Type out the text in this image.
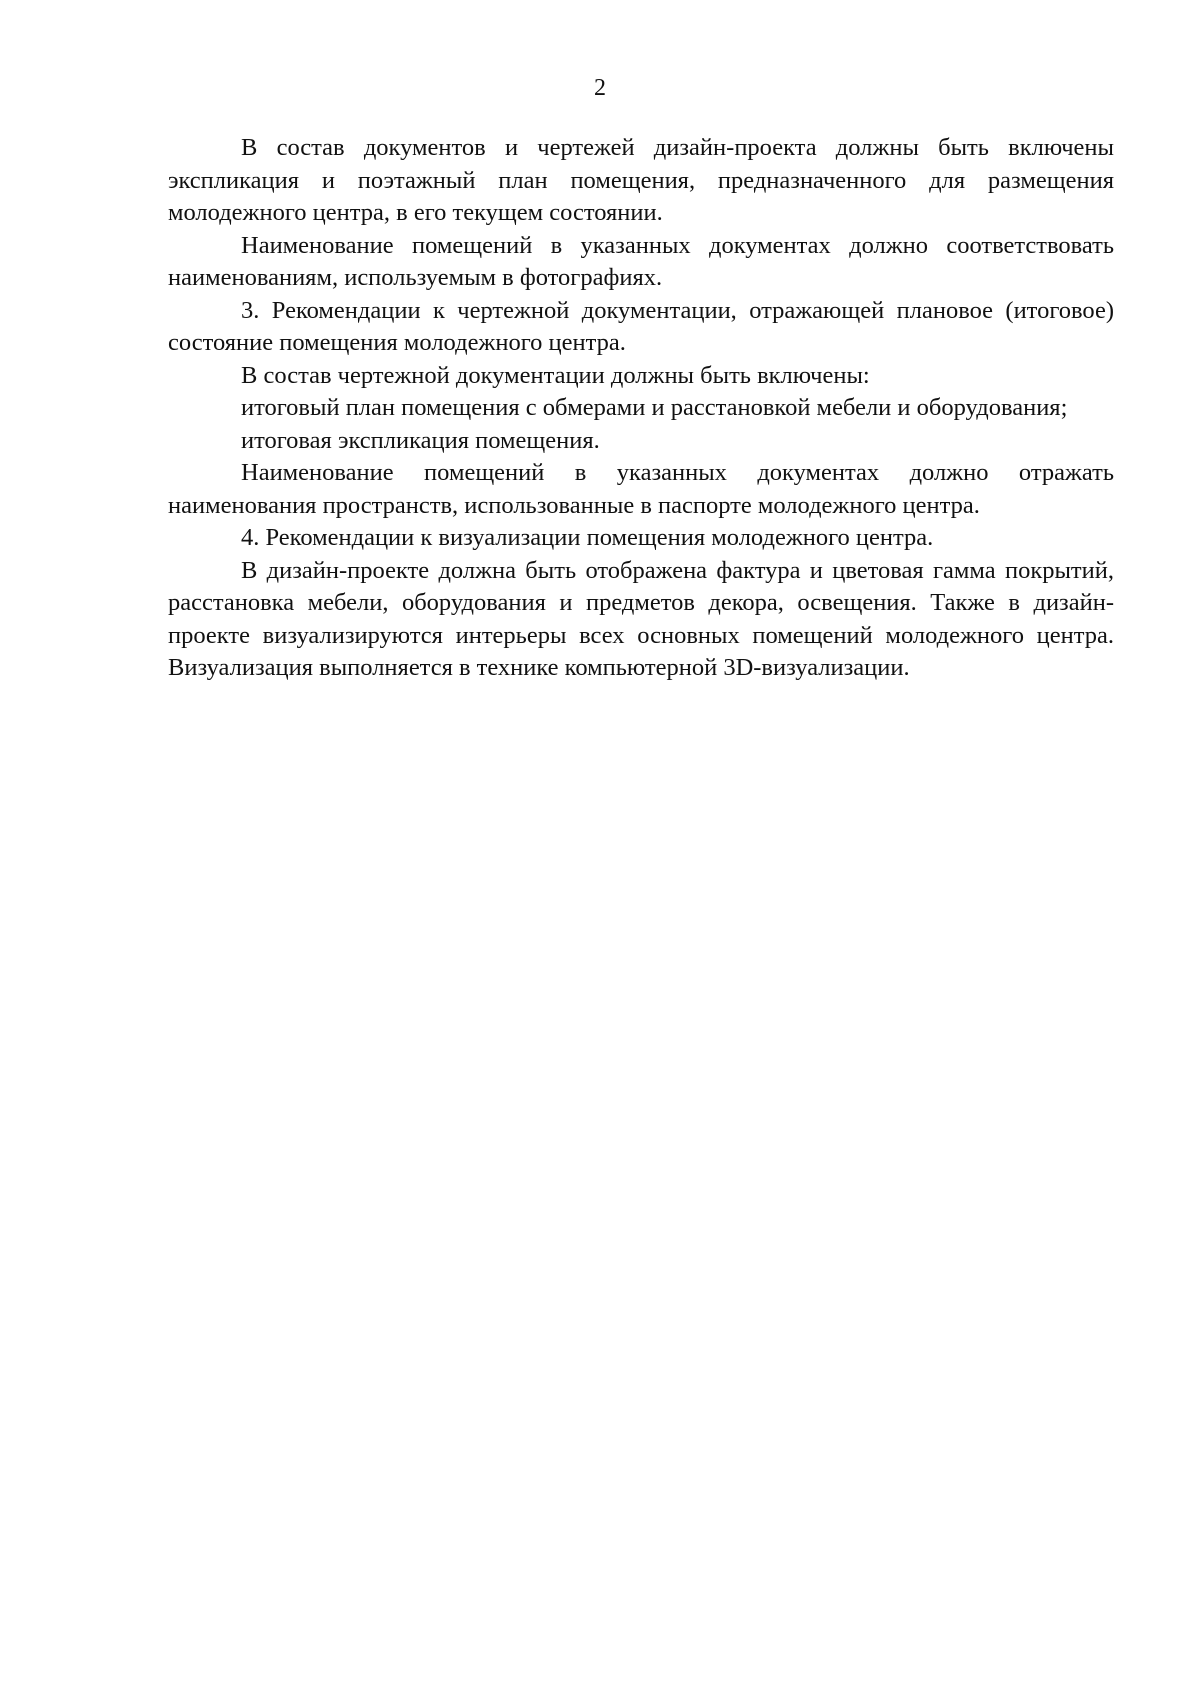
2

В состав документов и чертежей дизайн-проекта должны быть включены экспликация и поэтажный план помещения, предназначенного для размещения молодежного центра, в его текущем состоянии.

Наименование помещений в указанных документах должно соответствовать наименованиям, используемым в фотографиях.

3. Рекомендации к чертежной документации, отражающей плановое (итоговое) состояние помещения молодежного центра.

В состав чертежной документации должны быть включены:

итоговый план помещения с обмерами и расстановкой мебели и оборудования;

итоговая экспликация помещения.

Наименование помещений в указанных документах должно отражать наименования пространств, использованные в паспорте молодежного центра.

4. Рекомендации к визуализации помещения молодежного центра.

В дизайн-проекте должна быть отображена фактура и цветовая гамма покрытий, расстановка мебели, оборудования и предметов декора, освещения. Также в дизайн-проекте визуализируются интерьеры всех основных помещений молодежного центра. Визуализация выполняется в технике компьютерной 3D-визуализации.
